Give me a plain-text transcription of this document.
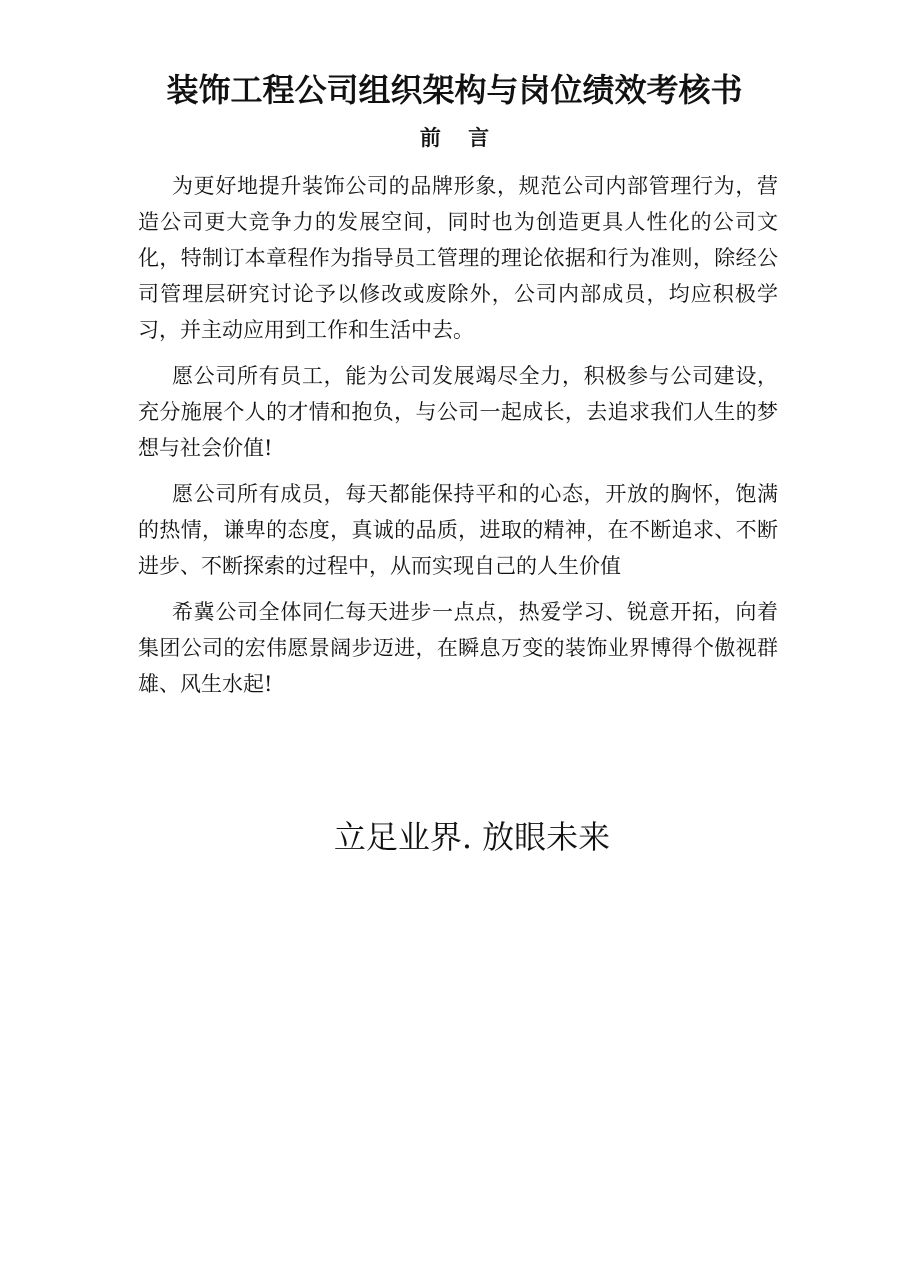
装饰工程公司组织架构与岗位绩效考核书
前 言

为更好地提升装饰公司的品牌形象，规范公司内部管理行为，营造公司更大竞争力的发展空间，同时也为创造更具人性化的公司文化，特制订本章程作为指导员工管理的理论依据和行为准则，除经公司管理层研究讨论予以修改或废除外，公司内部成员，均应积极学习，并主动应用到工作和生活中去。

愿公司所有员工，能为公司发展竭尽全力，积极参与公司建设，充分施展个人的才情和抱负，与公司一起成长，去追求我们人生的梦想与社会价值!

愿公司所有成员，每天都能保持平和的心态，开放的胸怀，饱满的热情，谦卑的态度，真诚的品质，进取的精神，在不断追求、不断进步、不断探索的过程中，从而实现自己的人生价值

希冀公司全体同仁每天进步一点点，热爱学习、锐意开拓，向着集团公司的宏伟愿景阔步迈进，在瞬息万变的装饰业界博得个傲视群雄、风生水起!

立足业界. 放眼未来
